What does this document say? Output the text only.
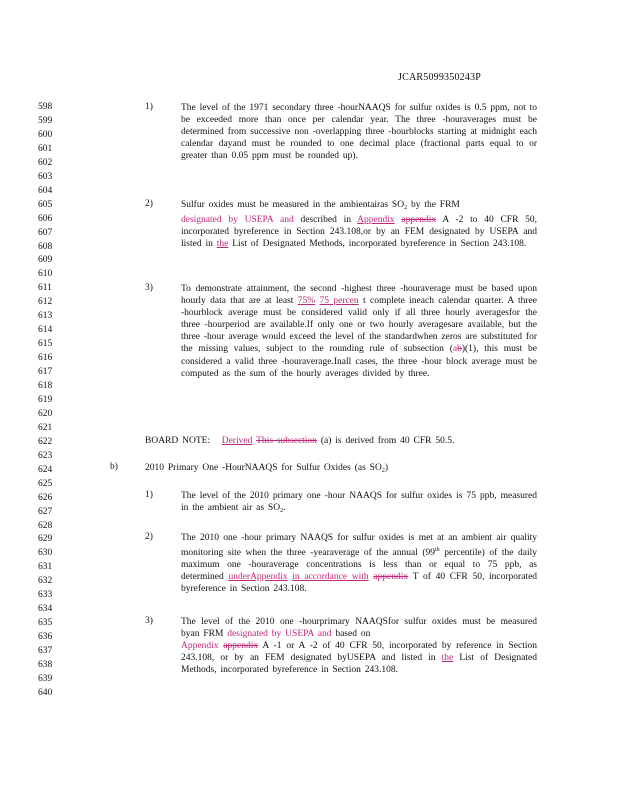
JCAR5099350243P
598
599
600
601
602
603
604
605
606
607
608
609
610
611
612
613
614
615
616
617
618
619
620
621
622
623
624
625
626
627
628
629
630
631
632
633
634
635
636
637
638
639
640
1)	The level of the 1971 secondary three -hourNAAQS for sulfur oxides is 0.5 ppm, not to be exceeded more than once per calendar year. The three -houraverages must be determined from successive non -overlapping three -hourblocks starting at midnight each calendar dayand must be rounded to one decimal place (fractional parts equal to or greater than 0.05 ppm must be rounded up).
2)	Sulfur oxides must be measured in the ambientairas $SO_2$ by the FRM
designated by USEPA and described in Appendix appendix A -2 to 40 CFR 50, incorporated byreference in Section 243.108,or by an FEM designated by USEPA and listed in the List of Designated Methods, incorporated byreference in Section 243.108.
3)	To demonstrate attainment, the second -highest three -houraverage must be based upon hourly data that are at least 75% 75 percen t complete ineach calendar quarter. A three -hourblock average must be considered valid only if all three hourly averagesfor the three -hourperiod are available.If only one or two hourly averagesare available, but the three -hour average would exceed the level of the standardwhen zeros are substituted for the missing values, subject to the rounding rule of subsection (ab)(1), this must be considered a valid three -houraverage.Inall cases, the three -hour block average must be computed as the sum of the hourly averages divided by three.
BOARD NOTE: Derived This subsection (a) is derived from 40 CFR 50.5.
b)	2010 Primary One -HourNAAQS for Sulfur Oxides (as $SO_2$)
1)	The level of the 2010 primary one -hour NAAQS for sulfur oxides is 75 ppb, measured in the ambient air as $SO_2$.
2)	The 2010 one -hour primary NAAQS for sulfur oxides is met at an ambient air quality monitoring site when the three -yearaverage of the annual (99th percentile) of the daily maximum one -houraverage concentrations is less than or equal to 75 ppb, as determined underAppendix in accordance with appendix T of 40 CFR 50, incorporated byreference in Section 243.108.
3)	The level of the 2010 one -hourprimary NAAQSfor sulfur oxides must be measured byan FRM designated by USEPA and based on
Appendix appendix A -1 or A -2 of 40 CFR 50, incorporated by reference in Section 243.108, or by an FEM designated byUSEPA and listed in the List of Designated Methods, incorporated byreference in Section 243.108.
